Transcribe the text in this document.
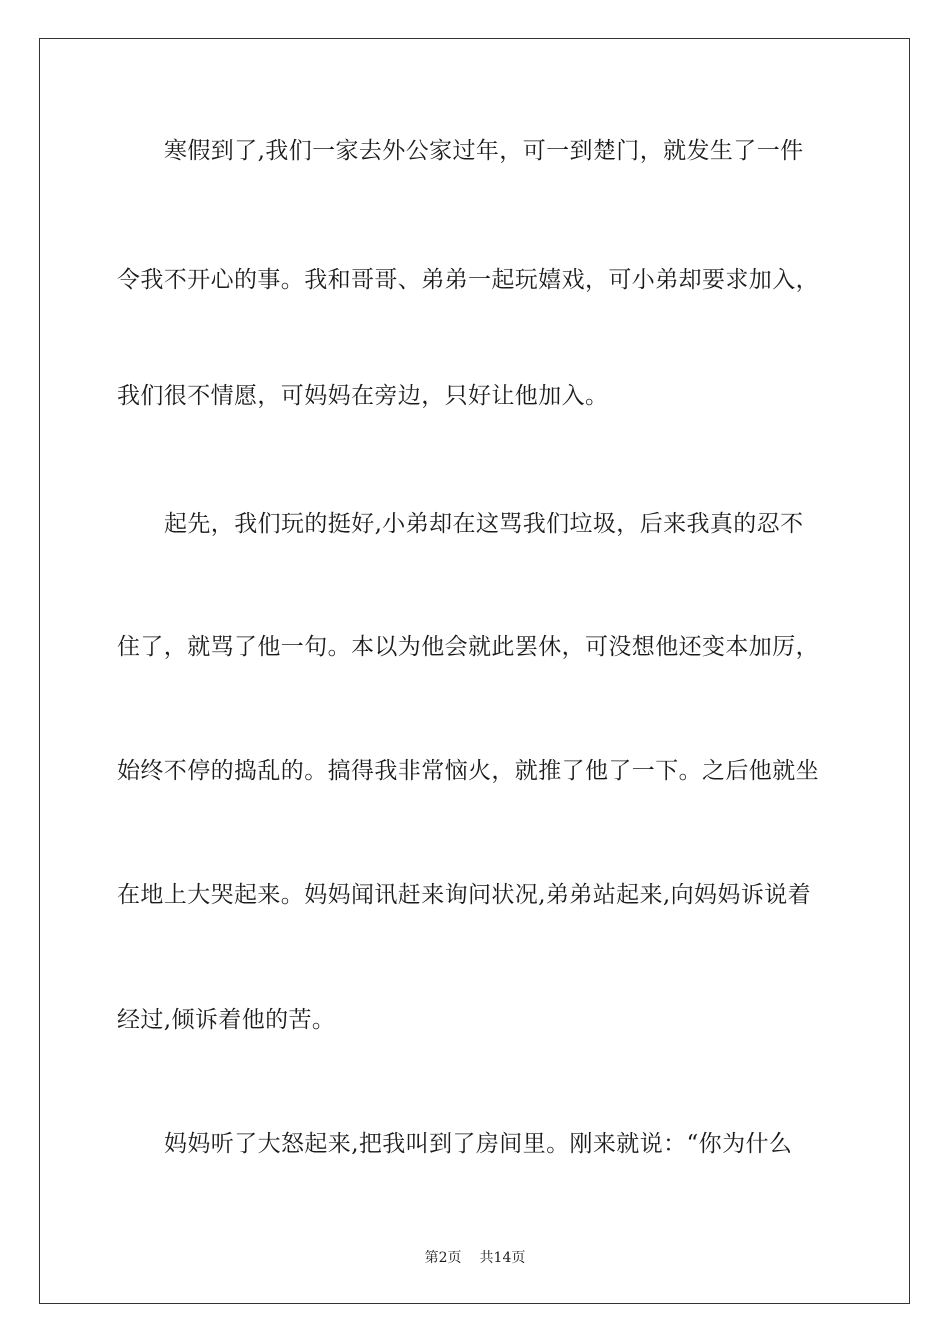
寒假到了,我们一家去外公家过年，可一到楚门，就发生了一件
令我不开心的事。我和哥哥、弟弟一起玩嬉戏，可小弟却要求加入，
我们很不情愿，可妈妈在旁边，只好让他加入。
起先，我们玩的挺好,小弟却在这骂我们垃圾，后来我真的忍不
住了，就骂了他一句。本以为他会就此罢休，可没想他还变本加厉，
始终不停的捣乱的。搞得我非常恼火，就推了他了一下。之后他就坐
在地上大哭起来。妈妈闻讯赶来询问状况,弟弟站起来,向妈妈诉说着
经过,倾诉着他的苦。
妈妈听了大怒起来,把我叫到了房间里。刚来就说：“你为什么
第2页 共14页
